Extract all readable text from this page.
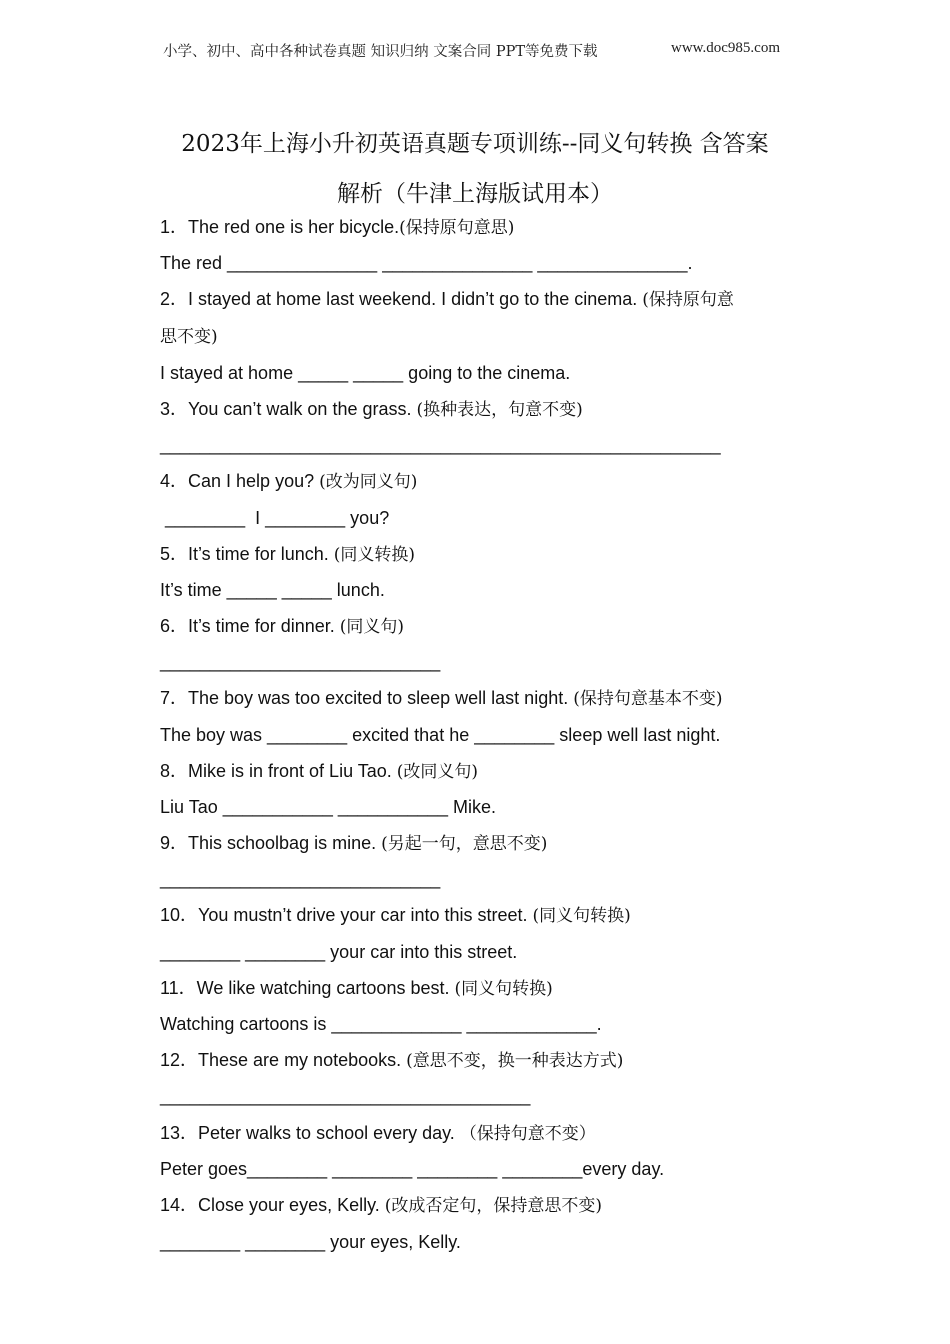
小学、初中、高中各种试卷真题 知识归纳 文案合同 PPT等免费下载	www.doc985.com
2023年上海小升初英语真题专项训练--同义句转换 含答案
解析（牛津上海版试用本）
1．The red one is her bicycle.(保持原句意思)
The red _______________ _______________ _______________.
2．I stayed at home last weekend. I didn’t go to the cinema. (保持原句意
思不变)
I stayed at home _____ _____ going to the cinema.
3．You can’t walk on the grass. (换种表达，句意不变)
________________________________________________________
4．Can I help you? (改为同义句)
________  I ________ you?
5．It’s time for lunch. (同义转换)
It’s time _____ _____ lunch.
6．It’s time for dinner. (同义句)
____________________________
7．The boy was too excited to sleep well last night. (保持句意基本不变)
The boy was ________ excited that he ________ sleep well last night.
8．Mike is in front of Liu Tao. (改同义句)
Liu Tao ___________ ___________ Mike.
9．This schoolbag is mine. (另起一句，意思不变)
____________________________
10．You mustn’t drive your car into this street. (同义句转换)
________ ________ your car into this street.
11．We like watching cartoons best. (同义句转换)
Watching cartoons is _____________ _____________.
12．These are my notebooks. (意思不变，换一种表达方式)
_____________________________________
13．Peter walks to school every day. （保持句意不变）
Peter goes________ ________ ________ ________every day.
14．Close your eyes, Kelly. (改成否定句，保持意思不变)
________ ________ your eyes, Kelly.
